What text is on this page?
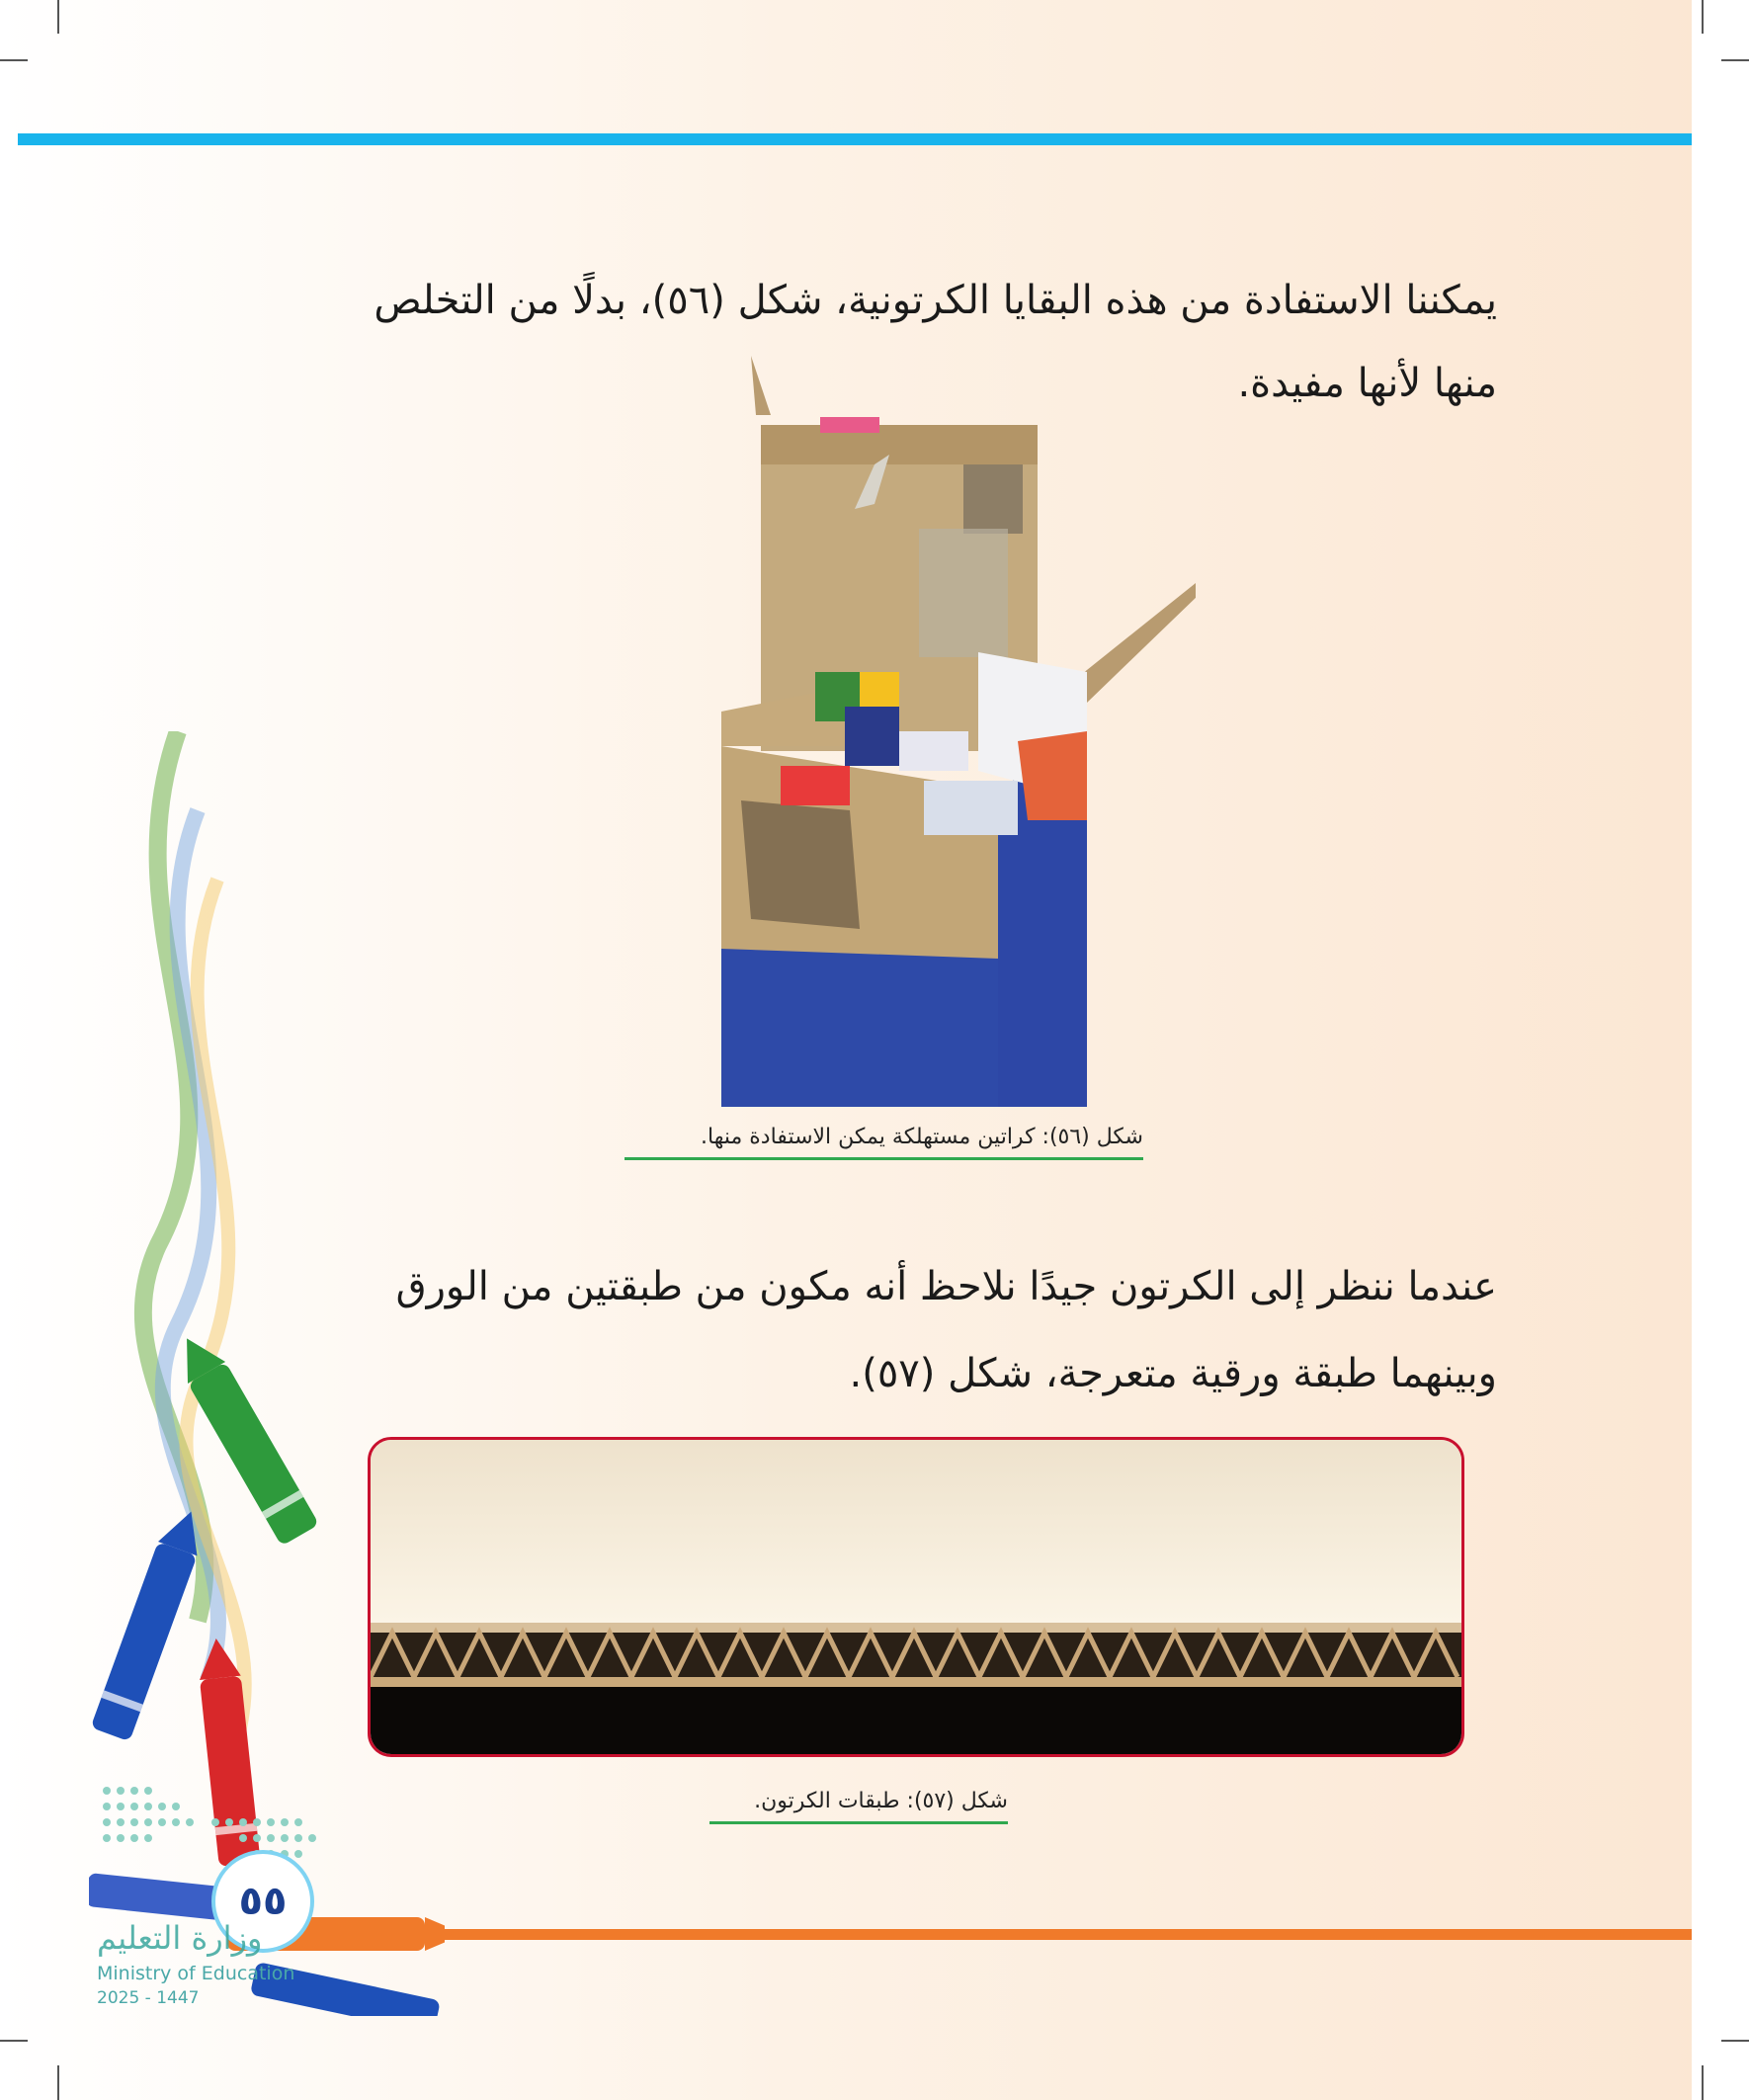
يمكننا الاستفادة من هذه البقايا الكرتونية، شكل (٥٦)، بدلًا من التخلص منها لأنها مفيدة.

شكل (٥٦): كراتين مستهلكة يمكن الاستفادة منها.

عندما ننظر إلى الكرتون جيدًا نلاحظ أنه مكون من طبقتين من الورق وبينهما طبقة ورقية متعرجة، شكل (٥٧).

شكل (٥٧): طبقات الكرتون.
٥٥
وزارة التعليم
Ministry of Education
2025 - 1447
